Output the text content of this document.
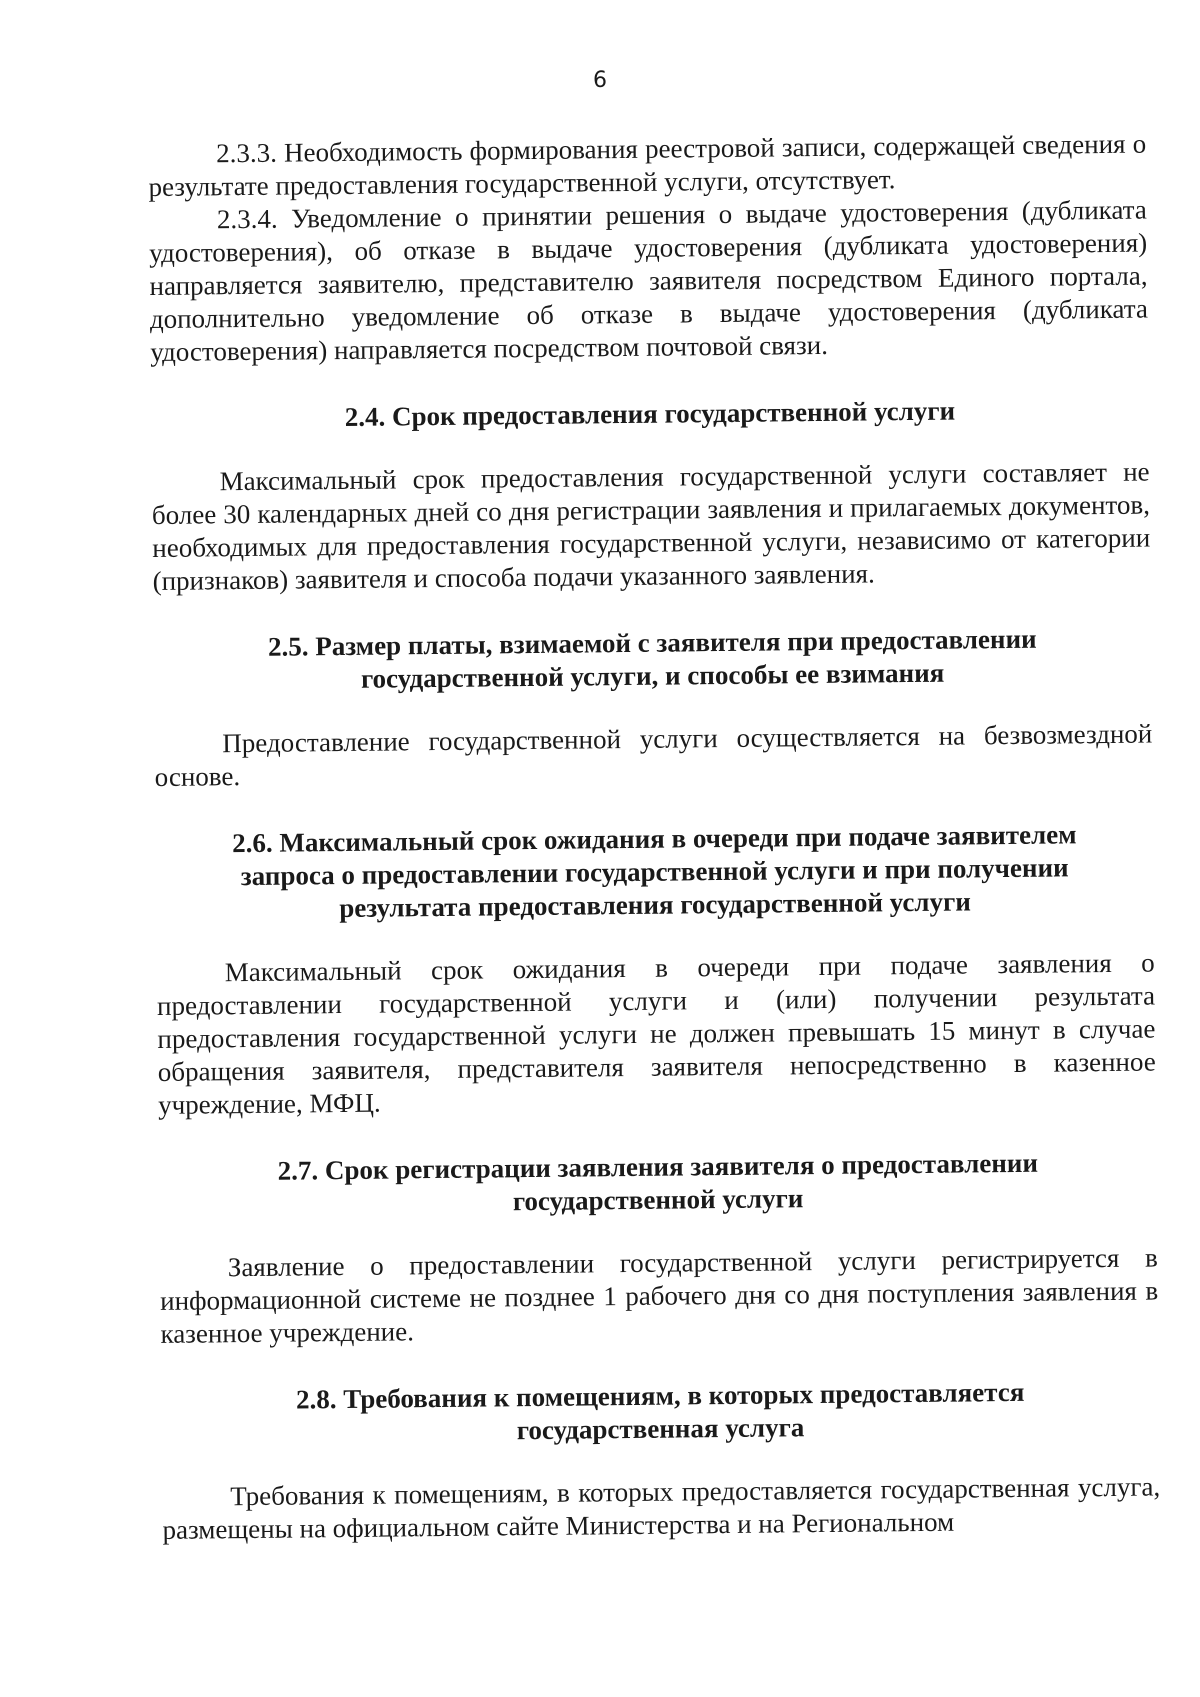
6

2.3.3. Необходимость формирования реестровой записи, содержащей сведения о результате предоставления государственной услуги, отсутствует.

2.3.4. Уведомление о принятии решения о выдаче удостоверения (дубликата удостоверения), об отказе в выдаче удостоверения (дубликата удостоверения) направляется заявителю, представителю заявителя посредством Единого портала, дополнительно уведомление об отказе в выдаче удостоверения (дубликата удостоверения) направляется посредством почтовой связи.

2.4. Срок предоставления государственной услуги

Максимальный срок предоставления государственной услуги составляет не более 30 календарных дней со дня регистрации заявления и прилагаемых документов, необходимых для предоставления государственной услуги, независимо от категории (признаков) заявителя и способа подачи указанного заявления.

2.5. Размер платы, взимаемой с заявителя при предоставлении
государственной услуги, и способы ее взимания

Предоставление государственной услуги осуществляется на безвозмездной основе.

2.6. Максимальный срок ожидания в очереди при подаче заявителем
запроса о предоставлении государственной услуги и при получении
результата предоставления государственной услуги

Максимальный срок ожидания в очереди при подаче заявления о предоставлении государственной услуги и (или) получении результата предоставления государственной услуги не должен превышать 15 минут в случае обращения заявителя, представителя заявителя непосредственно в казенное учреждение, МФЦ.

2.7. Срок регистрации заявления заявителя о предоставлении
государственной услуги

Заявление о предоставлении государственной услуги регистрируется в информационной системе не позднее 1 рабочего дня со дня поступления заявления в казенное учреждение.

2.8. Требования к помещениям, в которых предоставляется
государственная услуга

Требования к помещениям, в которых предоставляется государственная услуга, размещены на официальном сайте Министерства и на Региональном
